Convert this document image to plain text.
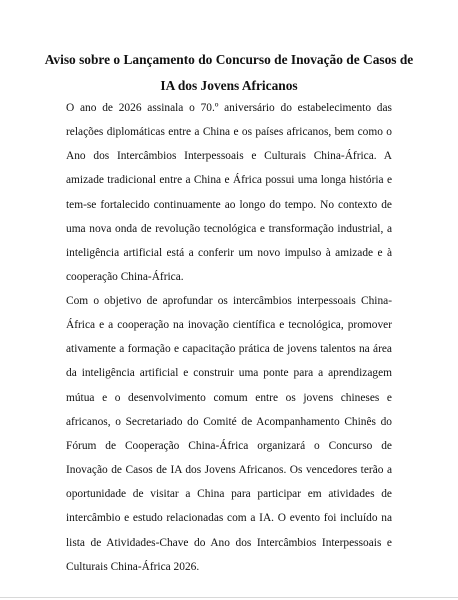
Aviso sobre o Lançamento do Concurso de Inovação de Casos de IA dos Jovens Africanos

O ano de 2026 assinala o 70.º aniversário do estabelecimento das relações diplomáticas entre a China e os países africanos, bem como o Ano dos Intercâmbios Interpessoais e Culturais China-África. A amizade tradicional entre a China e África possui uma longa história e tem-se fortalecido continuamente ao longo do tempo. No contexto de uma nova onda de revolução tecnológica e transformação industrial, a inteligência artificial está a conferir um novo impulso à amizade e à cooperação China-África.

Com o objetivo de aprofundar os intercâmbios interpessoais China-África e a cooperação na inovação científica e tecnológica, promover ativamente a formação e capacitação prática de jovens talentos na área da inteligência artificial e construir uma ponte para a aprendizagem mútua e o desenvolvimento comum entre os jovens chineses e africanos, o Secretariado do Comité de Acompanhamento Chinês do Fórum de Cooperação China-África organizará o Concurso de Inovação de Casos de IA dos Jovens Africanos. Os vencedores terão a oportunidade de visitar a China para participar em atividades de intercâmbio e estudo relacionadas com a IA. O evento foi incluído na lista de Atividades-Chave do Ano dos Intercâmbios Interpessoais e Culturais China-África 2026.
